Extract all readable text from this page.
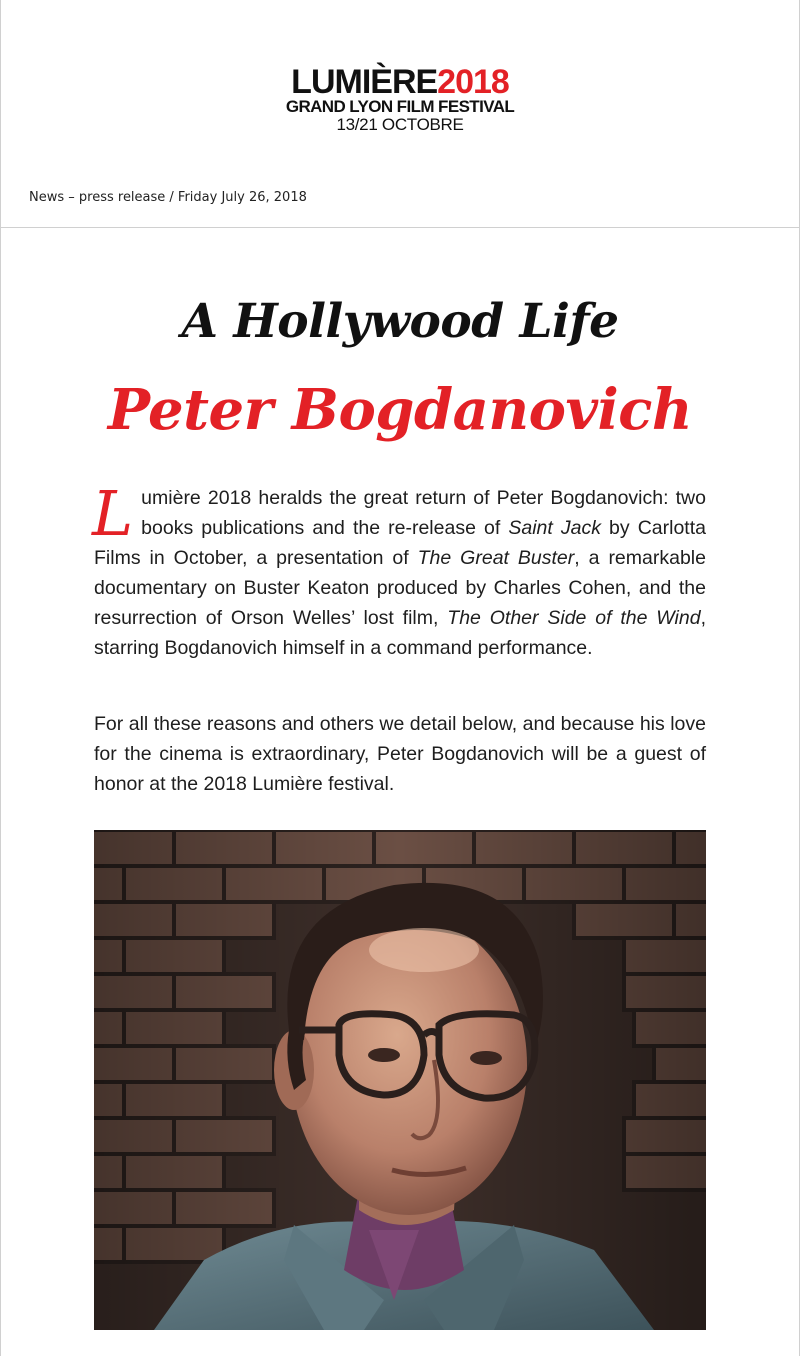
LUMIÈRE2018
GRAND LYON FILM FESTIVAL
13/21 OCTOBRE
News – press release / Friday July 26, 2018
A Hollywood Life
Peter Bogdanovich
Lumière 2018 heralds the great return of Peter Bogdanovich: two books publications and the re-release of Saint Jack by Carlotta Films in October, a presentation of The Great Buster, a remarkable documentary on Buster Keaton produced by Charles Cohen, and the resurrection of Orson Welles’ lost film, The Other Side of the Wind, starring Bogdanovich himself in a command performance.
For all these reasons and others we detail below, and because his love for the cinema is extraordinary, Peter Bogdanovich will be a guest of honor at the 2018 Lumière festival.
